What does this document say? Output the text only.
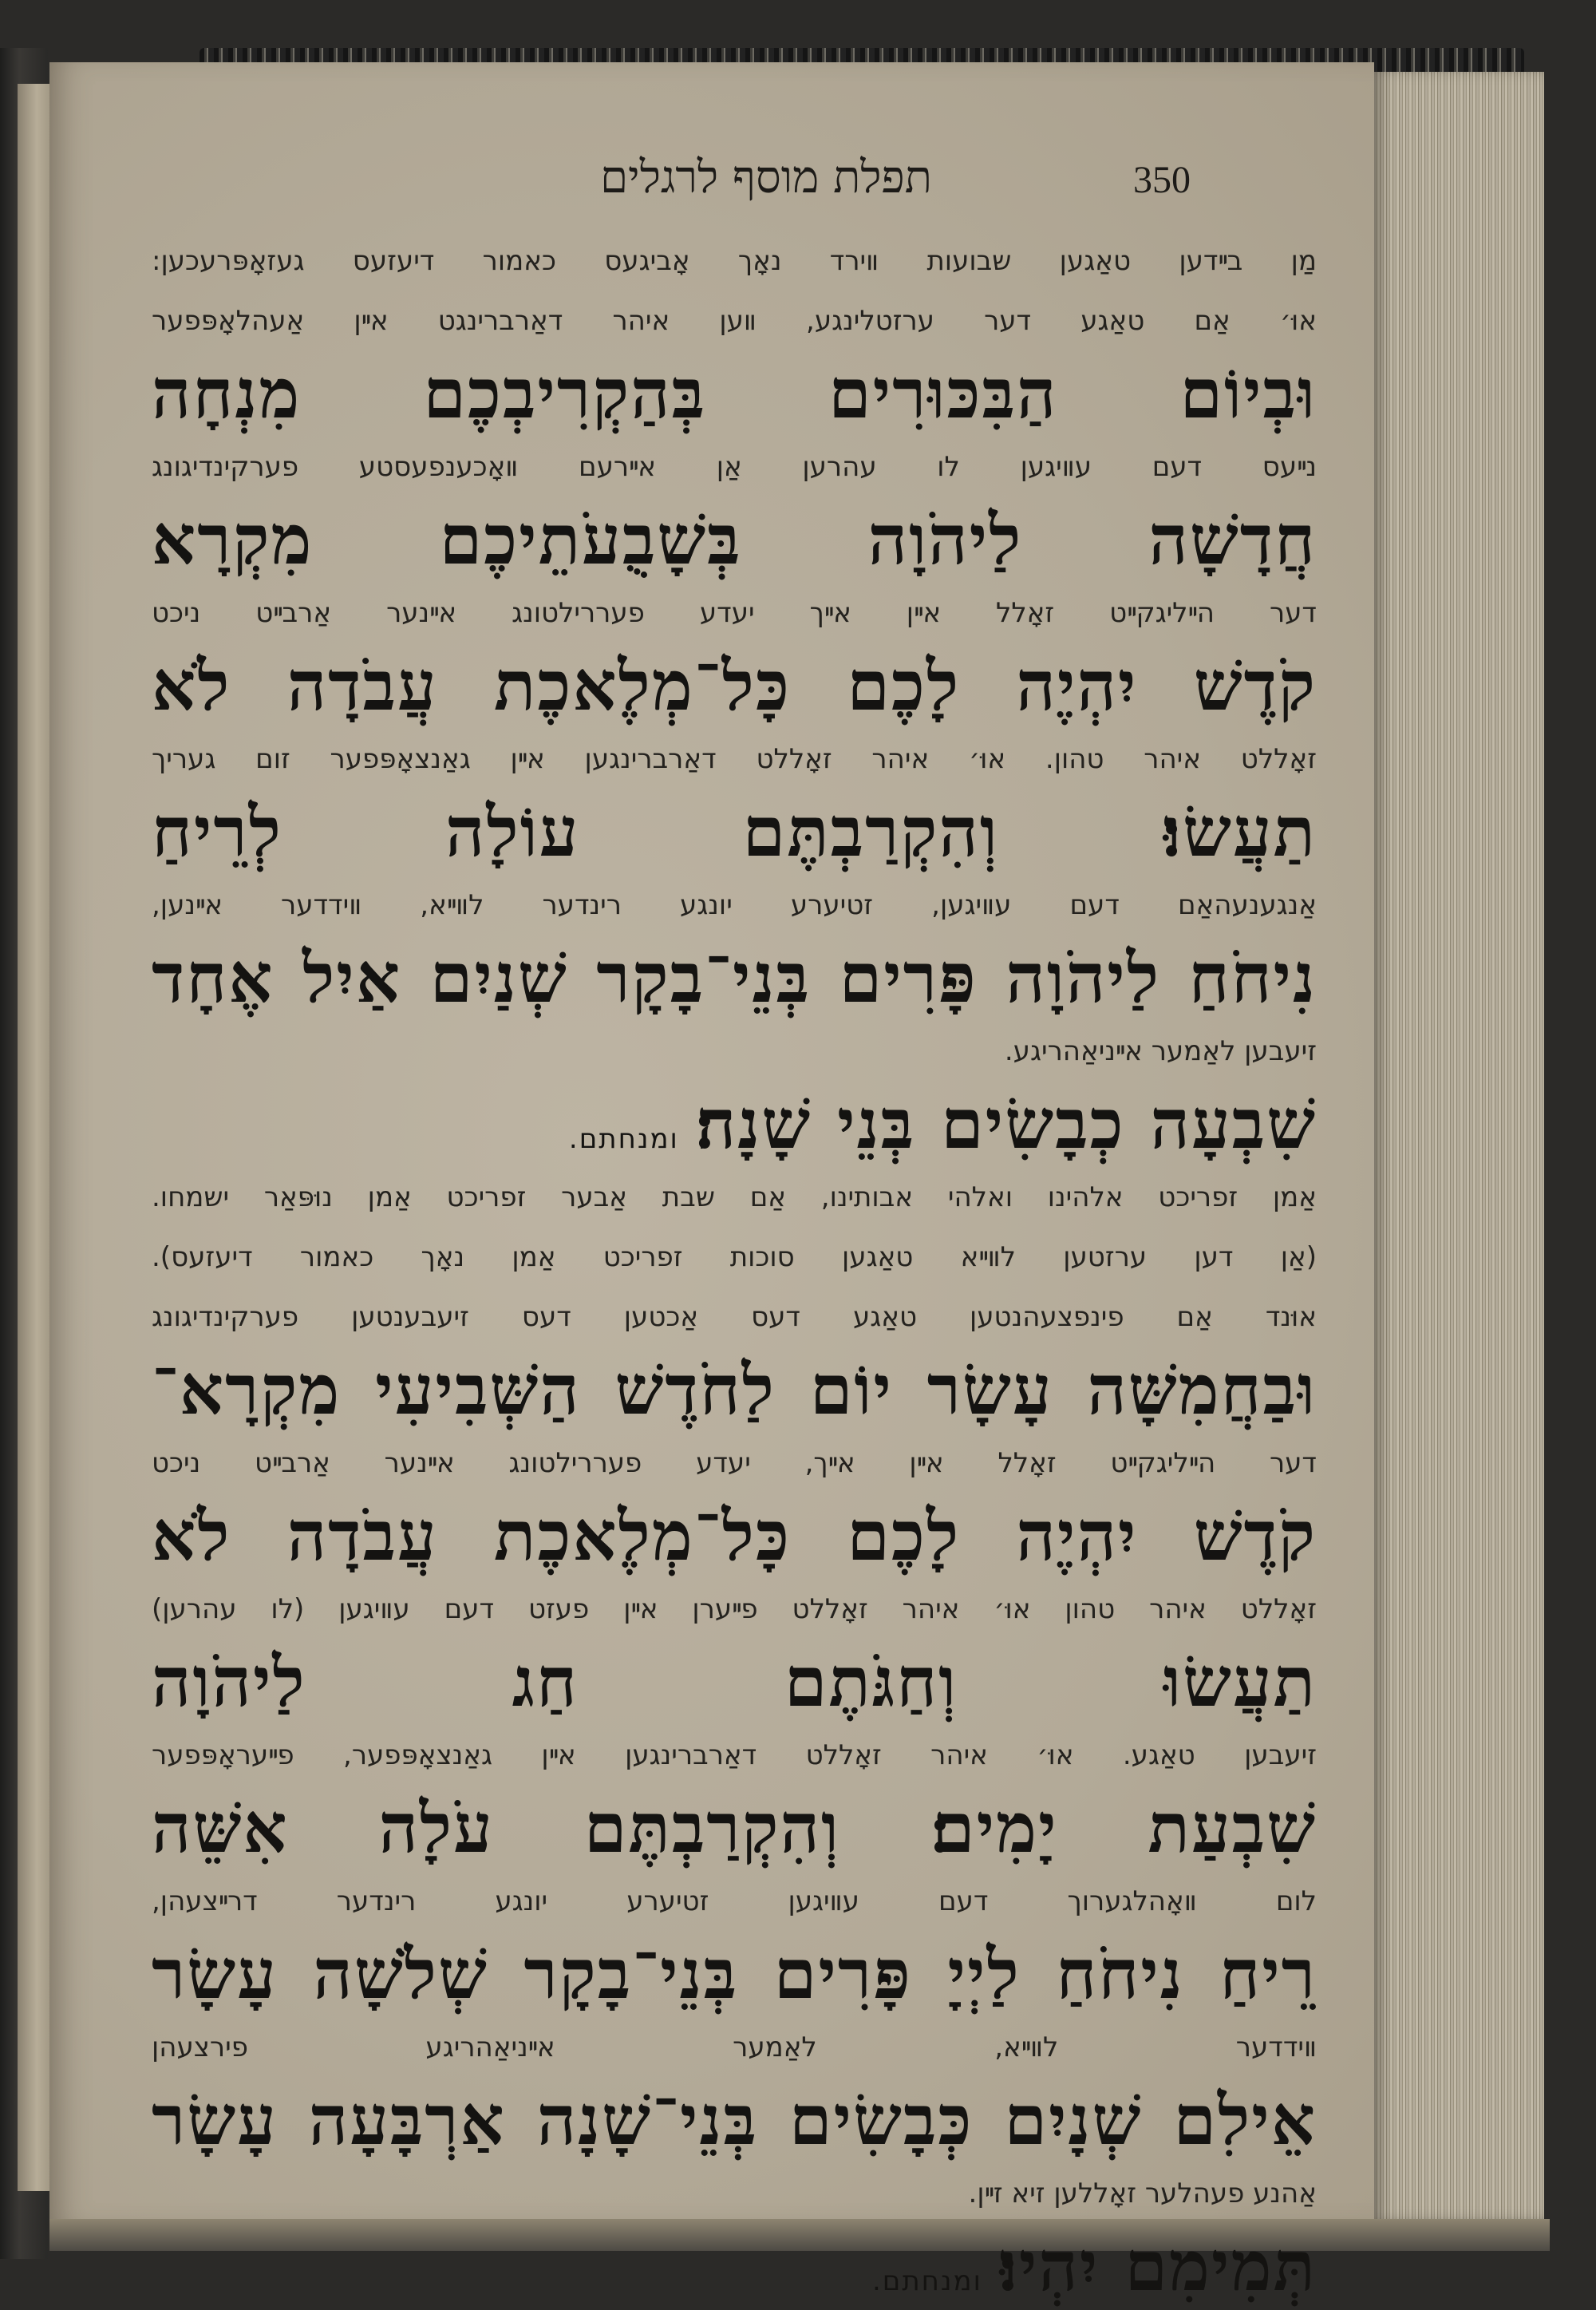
תפלת מוסף לרגלים	350
מַן בײדען טאַגען שבועות װירד נאָך אָביגעס כאמור דיעזעס געזאָפּרעכען:
אוּ׳ אַם טאַגע דער ערזטלינגע, װען איהר דאַרברינגט אײן אַעהלאָפּפער
וּבְיוֹם הַבִּכּוּרִים בְּהַקְרִיבְכֶם מִנְחָה
נײעס דעם עװיגען לו עהרען אַן אײרעם װאָכענפעסטע פערקינדיגונג
חֲדָשָׁה לַיהֹוָה בְּשָׁבֻעֹתֵיכֶם מִקְרָא
דער הײליגקײט זאָלל אײן אײך יעדע פעררילטונג אײנער אַרבײט ניכט
קֹדֶשׁ יִהְיֶה לָכֶם כָּל־מְלֶאכֶת עֲבֹדָה לֹא
זאָללט איהר טהון. אוּ׳ איהר זאָללט דאַרברינגען אײן גאַנצאָפּפער זום געריך
תַעֲשׂוּ׃ וְהִקְרַבְתֶּם עוֹלָה לְרֵיחַ
אַנגענעהאַם דעם עװיגען, זטיערע יונגע רינדער לװײא, װידדער אײנען,
נִיחֹחַ לַיהֹוָה פָּרִים בְּנֵי־בָקָר שְׁנַיִם אַיִל אֶחָד
זיעבען לאַמער אײניאַהריגע.
שִׁבְעָה כְבָשִׂים בְּנֵי שָׁנָה׃ומנחתם.
אַמן זפריכט אלהינו ואלהי אבותינו, אַם שבת אַבער זפריכט אַמן נוּפּאַר ישמחו.
(אַן דען ערזטען לװײא טאַגען סוכות זפריכט אַמן נאָך כאמור דיעזעס).
אוּנד אַם פינפצעהנטען טאַגע דעס אַכטען דעס זיעבענטען פערקינדיגונג
וּבַחֲמִשָּׁה עָשָׂר יוֹם לַחֹדֶשׁ הַשְּׁבִיעִי מִקְרָא־
דער הײליגקײט זאָלל אײן אײך, יעדע פעררילטונג אײנער אַרבײט ניכט
קֹדֶשׁ יִהְיֶה לָכֶם כָּל־מְלֶאכֶת עֲבֹדָה לֹא
זאָללט איהר טהון אוּ׳ איהר זאָללט פײערן אײן פעזט דעם עװיגען (לו עהרען)
תַעֲשׂוּ וְחַגֹּתֶם חַג לַיהֹוָה
זיעבען טאַגע. אוּ׳ איהר זאָללט דאַרברינגען אײן גאַנצאָפּפער, פײעראָפּפער
שִׁבְעַת יָמִים׃ וְהִקְרַבְתֶּם עֹלָה אִשֵּׁה
לום װאָהלגערוך דעם עװיגען זטיערע יונגע רינדער דרײצעהן,
רֵיחַ נִיחֹחַ לַיְיָ פָּרִים בְּנֵי־בָקָר שְׁלֹשָׁה עָשָׂר
װידדער לװײא, לאַמער אײניאַהריגע פירצעהן
אֵילִם שְׁנָיִם כְּבָשִׂים בְּנֵי־שָׁנָה אַרְבָּעָה עָשָׂר
אַהנע פעהלער זאָללען זיא זײן.
תְּמִימִם יִהְיוּ׃ומנחתם.
